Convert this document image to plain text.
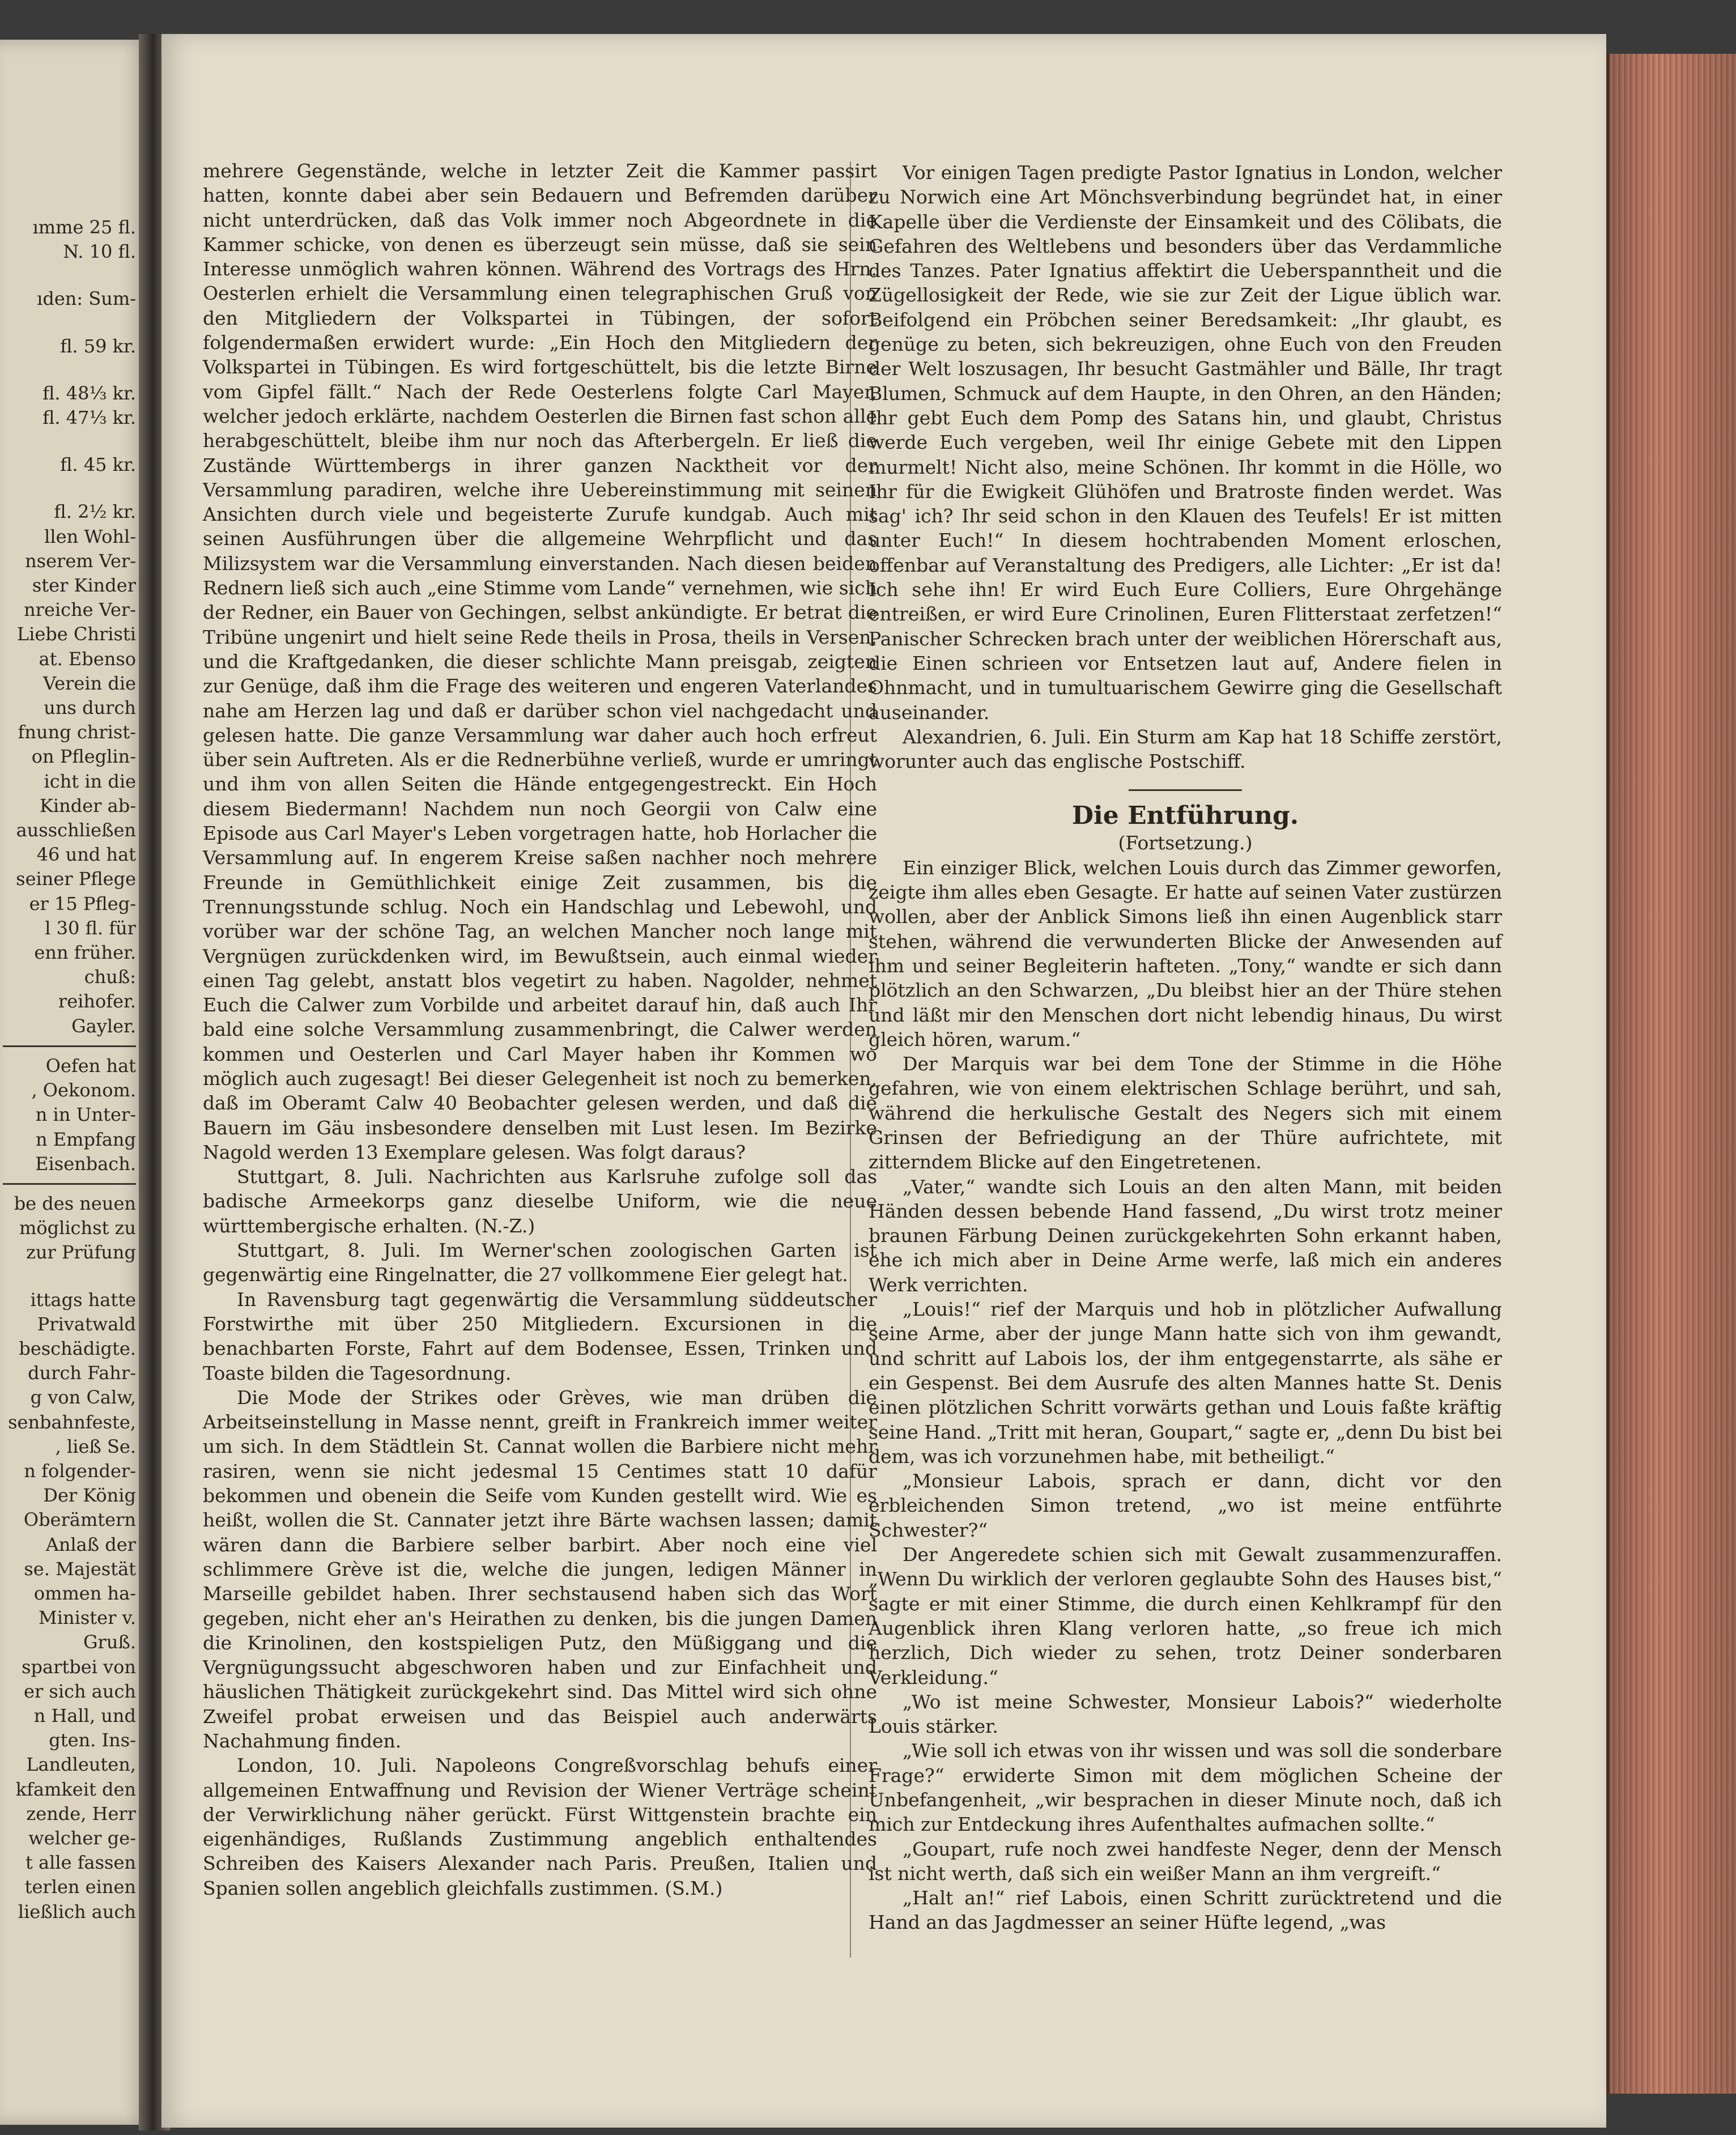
ımme 25 fl.
N. 10 fl.
ıden: Sum-
fl. 59 kr.
fl. 48⅓ kr.
fl. 47⅓ kr.
fl. 45 kr.
fl. 2½ kr.
llen Wohl-
nserem Ver-
ster Kinder
nreiche Ver-
Liebe Christi
at. Ebenso
Verein die
uns durch
fnung christ-
on Pfleglin-
icht in die
Kinder ab-
ausschließen
46 und hat
seiner Pflege
er 15 Pfleg-
l 30 fl. für
enn früher.
chuß:
reihofer.
Gayler.
Oefen hat
, Oekonom.
n in Unter-
n Empfang
Eisenbach.
be des neuen
möglichst zu
zur Prüfung
ittags hatte
Privatwald
beschädigte.
durch Fahr-
g von Calw,
senbahnfeste,
, ließ Se.
n folgender-
Der König
Oberämtern
Anlaß der
se. Majestät
ommen ha-
Minister v.
Gruß.
spartbei von
er sich auch
n Hall, und
gten. Ins-
Landleuten,
kfamkeit den
zende, Herr
welcher ge-
t alle fassen
terlen einen
ließlich auch

mehrere Gegenstände, welche in letzter Zeit die Kammer passirt hatten, konnte dabei aber sein Bedauern und Befremden darüber nicht unterdrücken, daß das Volk immer noch Abgeordnete in die Kammer schicke, von denen es überzeugt sein müsse, daß sie sein Interesse unmöglich wahren können. Während des Vortrags des Hrn. Oesterlen erhielt die Versammlung einen telegraphischen Gruß von den Mitgliedern der Volkspartei in Tübingen, der sofort folgendermaßen erwidert wurde: „Ein Hoch den Mitgliedern der Volkspartei in Tübingen. Es wird fortgeschüttelt, bis die letzte Birne vom Gipfel fällt.“ Nach der Rede Oesterlens folgte Carl Mayer, welcher jedoch erklärte, nachdem Oesterlen die Birnen fast schon alle herabgeschüttelt, bleibe ihm nur noch das Afterbergeln. Er ließ die Zustände Württembergs in ihrer ganzen Nacktheit vor der Versammlung paradiren, welche ihre Uebereinstimmung mit seinen Ansichten durch viele und begeisterte Zurufe kundgab. Auch mit seinen Ausführungen über die allgemeine Wehrpflicht und das Milizsystem war die Versammlung einverstanden. Nach diesen beiden Rednern ließ sich auch „eine Stimme vom Lande“ vernehmen, wie sich der Redner, ein Bauer von Gechingen, selbst ankündigte. Er betrat die Tribüne ungenirt und hielt seine Rede theils in Prosa, theils in Versen, und die Kraftgedanken, die dieser schlichte Mann preisgab, zeigten zur Genüge, daß ihm die Frage des weiteren und engeren Vaterlandes nahe am Herzen lag und daß er darüber schon viel nachgedacht und gelesen hatte. Die ganze Versammlung war daher auch hoch erfreut über sein Auftreten. Als er die Rednerbühne verließ, wurde er umringt und ihm von allen Seiten die Hände entgegengestreckt. Ein Hoch diesem Biedermann! Nachdem nun noch Georgii von Calw eine Episode aus Carl Mayer's Leben vorgetragen hatte, hob Horlacher die Versammlung auf. In engerem Kreise saßen nachher noch mehrere Freunde in Gemüthlichkeit einige Zeit zusammen, bis die Trennungsstunde schlug. Noch ein Handschlag und Lebewohl, und vorüber war der schöne Tag, an welchen Mancher noch lange mit Vergnügen zurückdenken wird, im Bewußtsein, auch einmal wieder einen Tag gelebt, anstatt blos vegetirt zu haben. Nagolder, nehmet Euch die Calwer zum Vorbilde und arbeitet darauf hin, daß auch Ihr bald eine solche Versammlung zusammenbringt, die Calwer werden kommen und Oesterlen und Carl Mayer haben ihr Kommen wo möglich auch zugesagt! Bei dieser Gelegenheit ist noch zu bemerken, daß im Oberamt Calw 40 Beobachter gelesen werden, und daß die Bauern im Gäu insbesondere denselben mit Lust lesen. Im Bezirke Nagold werden 13 Exemplare gelesen. Was folgt daraus?

Stuttgart, 8. Juli. Nachrichten aus Karlsruhe zufolge soll das badische Armeekorps ganz dieselbe Uniform, wie die neue württembergische erhalten. (N.-Z.)

Stuttgart, 8. Juli. Im Werner'schen zoologischen Garten ist gegenwärtig eine Ringelnatter, die 27 vollkommene Eier gelegt hat.

In Ravensburg tagt gegenwärtig die Versammlung süddeutscher Forstwirthe mit über 250 Mitgliedern. Excursionen in die benachbarten Forste, Fahrt auf dem Bodensee, Essen, Trinken und Toaste bilden die Tagesordnung.

Die Mode der Strikes oder Grèves, wie man drüben die Arbeitseinstellung in Masse nennt, greift in Frankreich immer weiter um sich. In dem Städtlein St. Cannat wollen die Barbiere nicht mehr rasiren, wenn sie nicht jedesmal 15 Centimes statt 10 dafür bekommen und obenein die Seife vom Kunden gestellt wird. Wie es heißt, wollen die St. Cannater jetzt ihre Bärte wachsen lassen; damit wären dann die Barbiere selber barbirt. Aber noch eine viel schlimmere Grève ist die, welche die jungen, ledigen Männer in Marseille gebildet haben. Ihrer sechstausend haben sich das Wort gegeben, nicht eher an's Heirathen zu denken, bis die jungen Damen die Krinolinen, den kostspieligen Putz, den Müßiggang und die Vergnügungssucht abgeschworen haben und zur Einfachheit und häuslichen Thätigkeit zurückgekehrt sind. Das Mittel wird sich ohne Zweifel probat erweisen und das Beispiel auch anderwärts Nachahmung finden.

London, 10. Juli. Napoleons Congreßvorschlag behufs einer allgemeinen Entwaffnung und Revision der Wiener Verträge scheint der Verwirklichung näher gerückt. Fürst Wittgenstein brachte ein eigenhändiges, Rußlands Zustimmung angeblich enthaltendes Schreiben des Kaisers Alexander nach Paris. Preußen, Italien und Spanien sollen angeblich gleichfalls zustimmen. (S.M.)

Vor einigen Tagen predigte Pastor Ignatius in London, welcher zu Norwich eine Art Mönchsverbindung begründet hat, in einer Kapelle über die Verdienste der Einsamkeit und des Cölibats, die Gefahren des Weltlebens und besonders über das Verdammliche des Tanzes. Pater Ignatius affektirt die Ueberspanntheit und die Zügellosigkeit der Rede, wie sie zur Zeit der Ligue üblich war. Beifolgend ein Pröbchen seiner Beredsamkeit: „Ihr glaubt, es genüge zu beten, sich bekreuzigen, ohne Euch von den Freuden der Welt loszusagen, Ihr besucht Gastmähler und Bälle, Ihr tragt Blumen, Schmuck auf dem Haupte, in den Ohren, an den Händen; Ihr gebt Euch dem Pomp des Satans hin, und glaubt, Christus werde Euch vergeben, weil Ihr einige Gebete mit den Lippen murmelt! Nicht also, meine Schönen. Ihr kommt in die Hölle, wo Ihr für die Ewigkeit Glühöfen und Bratroste finden werdet. Was sag' ich? Ihr seid schon in den Klauen des Teufels! Er ist mitten unter Euch!“ In diesem hochtrabenden Moment erloschen, offenbar auf Veranstaltung des Predigers, alle Lichter: „Er ist da! Ich sehe ihn! Er wird Euch Eure Colliers, Eure Ohrgehänge entreißen, er wird Eure Crinolinen, Euren Flitterstaat zerfetzen!“ Panischer Schrecken brach unter der weiblichen Hörerschaft aus, die Einen schrieen vor Entsetzen laut auf, Andere fielen in Ohnmacht, und in tumultuarischem Gewirre ging die Gesellschaft auseinander.

Alexandrien, 6. Juli. Ein Sturm am Kap hat 18 Schiffe zerstört, worunter auch das englische Postschiff.

Die Entführung.
(Fortsetzung.)

Ein einziger Blick, welchen Louis durch das Zimmer geworfen, zeigte ihm alles eben Gesagte. Er hatte auf seinen Vater zustürzen wollen, aber der Anblick Simons ließ ihn einen Augenblick starr stehen, während die verwunderten Blicke der Anwesenden auf ihm und seiner Begleiterin hafteten. „Tony,“ wandte er sich dann plötzlich an den Schwarzen, „Du bleibst hier an der Thüre stehen und läßt mir den Menschen dort nicht lebendig hinaus, Du wirst gleich hören, warum.“

Der Marquis war bei dem Tone der Stimme in die Höhe gefahren, wie von einem elektrischen Schlage berührt, und sah, während die herkulische Gestalt des Negers sich mit einem Grinsen der Befriedigung an der Thüre aufrichtete, mit zitterndem Blicke auf den Eingetretenen.

„Vater,“ wandte sich Louis an den alten Mann, mit beiden Händen dessen bebende Hand fassend, „Du wirst trotz meiner braunen Färbung Deinen zurückgekehrten Sohn erkannt haben, ehe ich mich aber in Deine Arme werfe, laß mich ein anderes Werk verrichten.

„Louis!“ rief der Marquis und hob in plötzlicher Aufwallung seine Arme, aber der junge Mann hatte sich von ihm gewandt, und schritt auf Labois los, der ihm entgegenstarrte, als sähe er ein Gespenst. Bei dem Ausrufe des alten Mannes hatte St. Denis einen plötzlichen Schritt vorwärts gethan und Louis faßte kräftig seine Hand. „Tritt mit heran, Goupart,“ sagte er, „denn Du bist bei dem, was ich vorzunehmen habe, mit betheiligt.“

„Monsieur Labois, sprach er dann, dicht vor den erbleichenden Simon tretend, „wo ist meine entführte Schwester?“

Der Angeredete schien sich mit Gewalt zusammenzuraffen. „Wenn Du wirklich der verloren geglaubte Sohn des Hauses bist,“ sagte er mit einer Stimme, die durch einen Kehlkrampf für den Augenblick ihren Klang verloren hatte, „so freue ich mich herzlich, Dich wieder zu sehen, trotz Deiner sonderbaren Verkleidung.“

„Wo ist meine Schwester, Monsieur Labois?“ wiederholte Louis stärker.

„Wie soll ich etwas von ihr wissen und was soll die sonderbare Frage?“ erwiderte Simon mit dem möglichen Scheine der Unbefangenheit, „wir besprachen in dieser Minute noch, daß ich mich zur Entdeckung ihres Aufenthaltes aufmachen sollte.“

„Goupart, rufe noch zwei handfeste Neger, denn der Mensch ist nicht werth, daß sich ein weißer Mann an ihm vergreift.“

„Halt an!“ rief Labois, einen Schritt zurücktretend und die Hand an das Jagdmesser an seiner Hüfte legend, „was
